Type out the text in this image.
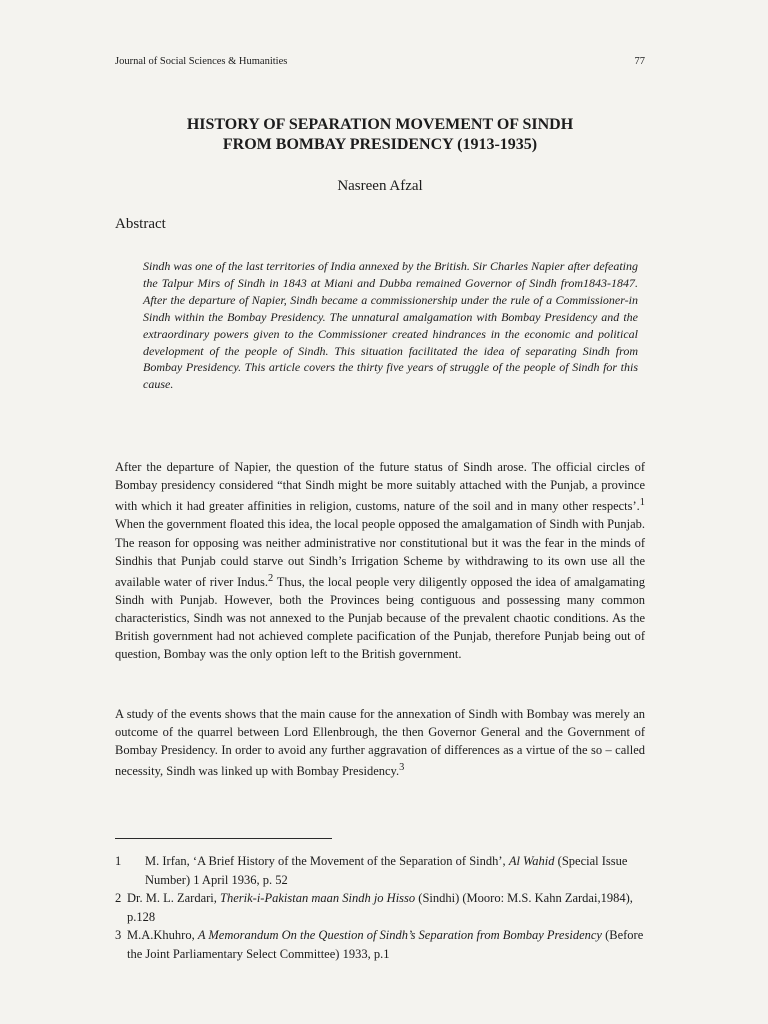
Journal of Social Sciences & Humanities	77
HISTORY OF SEPARATION MOVEMENT OF SINDH
FROM BOMBAY PRESIDENCY (1913-1935)
Nasreen Afzal
Abstract
Sindh was one of the last territories of India annexed by the British. Sir Charles Napier after defeating the Talpur Mirs of Sindh in 1843 at Miani and Dubba remained Governor of Sindh from1843-1847. After the departure of Napier, Sindh became a commissionership under the rule of a Commissioner-in Sindh within the Bombay Presidency. The unnatural amalgamation with Bombay Presidency and the extraordinary powers given to the Commissioner created hindrances in the economic and political development of the people of Sindh. This situation facilitated the idea of separating Sindh from Bombay Presidency. This article covers the thirty five years of struggle of the people of Sindh for this cause.
After the departure of Napier, the question of the future status of Sindh arose. The official circles of Bombay presidency considered “that Sindh might be more suitably attached with the Punjab, a province with which it had greater affinities in religion, customs, nature of the soil and in many other respects’.$^1$ When the government floated this idea, the local people opposed the amalgamation of Sindh with Punjab. The reason for opposing was neither administrative nor constitutional but it was the fear in the minds of Sindhis that Punjab could starve out Sindh’s Irrigation Scheme by withdrawing to its own use all the available water of river Indus.$^2$ Thus, the local people very diligently opposed the idea of amalgamating Sindh with Punjab. However, both the Provinces being contiguous and possessing many common characteristics, Sindh was not annexed to the Punjab because of the prevalent chaotic conditions. As the British government had not achieved complete pacification of the Punjab, therefore Punjab being out of question, Bombay was the only option left to the British government.
A study of the events shows that the main cause for the annexation of Sindh with Bombay was merely an outcome of the quarrel between Lord Ellenbrough, the then Governor General and the Government of Bombay Presidency. In order to avoid any further aggravation of differences as a virtue of the so – called necessity, Sindh was linked up with Bombay Presidency.$^3$
1	M. Irfan, ‘A Brief History of the Movement of the Separation of Sindh’, Al Wahid (Special Issue Number) 1 April 1936, p. 52
2 Dr. M. L. Zardari, Therik-i-Pakistan maan Sindh jo Hisso (Sindhi) (Mooro: M.S. Kahn Zardai,1984), p.128
3 M.A.Khuhro, A Memorandum On the Question of Sindh’s Separation from Bombay Presidency (Before the Joint Parliamentary Select Committee) 1933, p.1
